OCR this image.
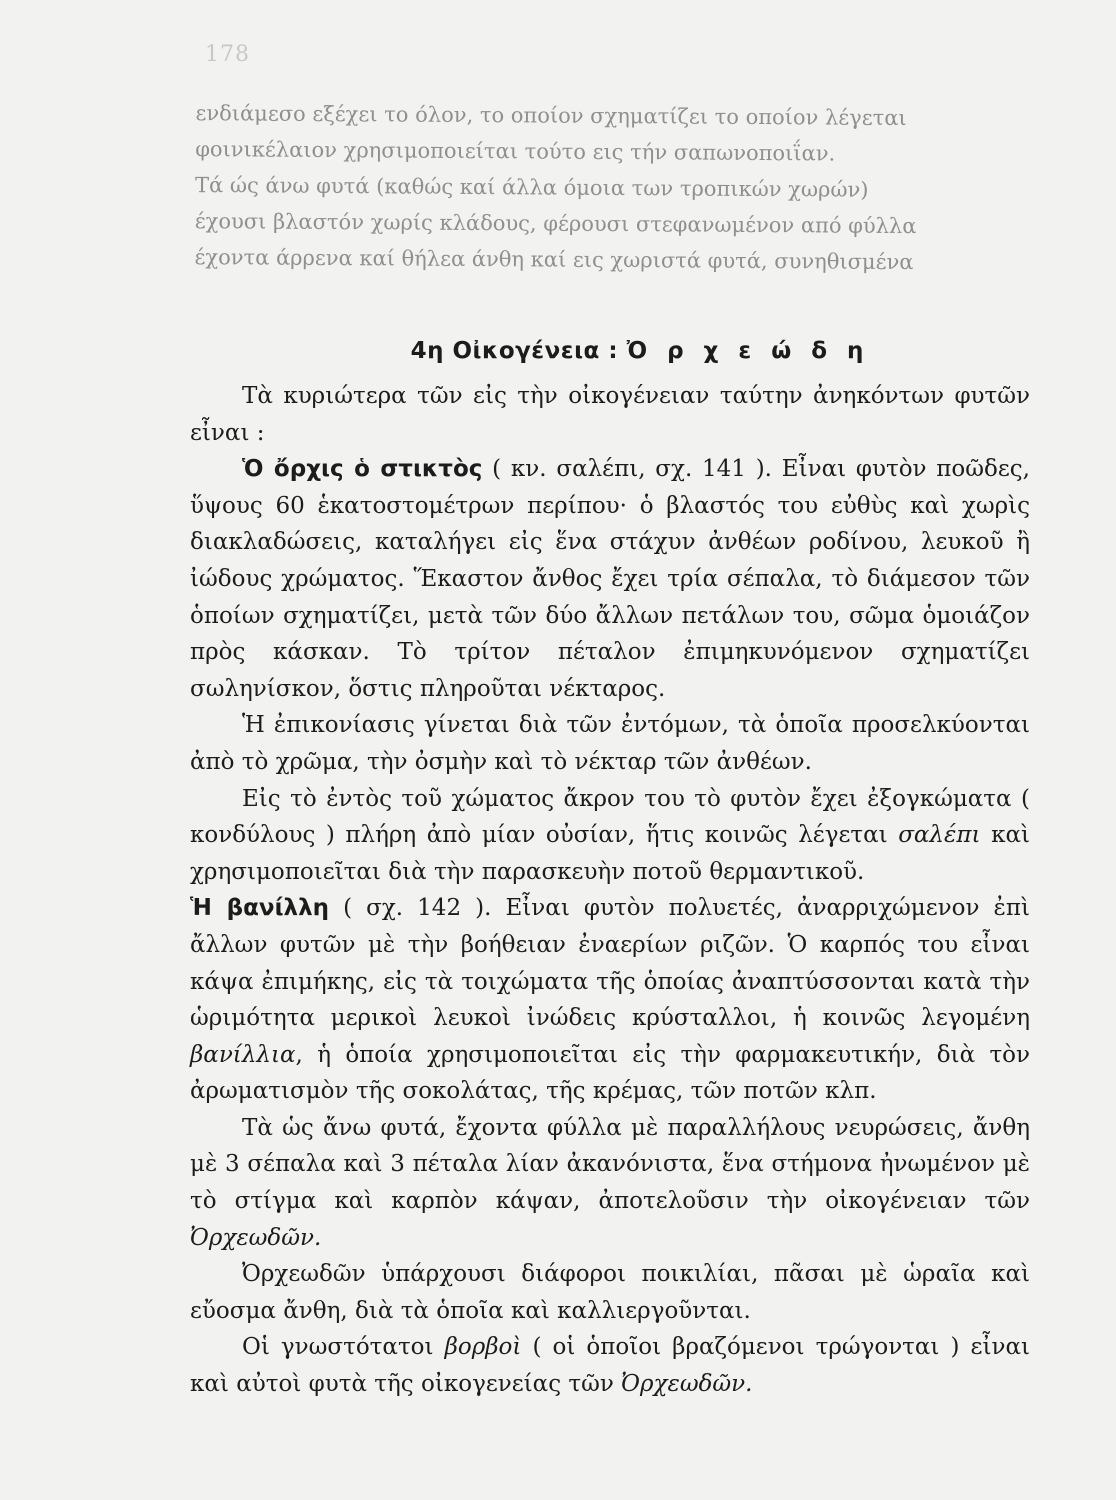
178
ενδιάμεσο εξέχει το όλον, το οποίον σχηματίζει το οποίον λέγεται
φοινικέλαιον χρησιμοποιείται τούτο εις τήν σαπωνοποιΐαν.
Τά ώς άνω φυτά (καθώς καί άλλα όμοια των τροπικών χωρών)
έχουσι βλαστόν χωρίς κλάδους, φέρουσι στεφανωμένον από φύλλα
έχοντα άρρενα καί θήλεα άνθη καί εις χωριστά φυτά, συνηθισμένα
4η Οἰκογένεια : Ὀ ρ χ ε ώ δ η

Τὰ κυριώτερα τῶν εἰς τὴν οἰκογένειαν ταύτην ἀνηκόντων φυτῶν εἶναι :

Ὁ ὄρχις ὁ στικτὸς ( κν. σαλέπι, σχ. 141 ). Εἶναι φυτὸν ποῶδες, ὕψους 60 ἑκατοστομέτρων περίπου· ὁ βλαστός του εὐθὺς καὶ χωρὶς διακλαδώσεις, καταλήγει εἰς ἕνα στάχυν ἀνθέων ροδίνου, λευκοῦ ἢ ἰώδους χρώματος. Ἕκαστον ἄνθος ἔχει τρία σέπαλα, τὸ διάμεσον τῶν ὁποίων σχηματίζει, μετὰ τῶν δύο ἄλλων πετάλων του, σῶμα ὁμοιάζον πρὸς κάσκαν. Τὸ τρίτον πέταλον ἐπιμηκυνόμενον σχηματίζει σωληνίσκον, ὅστις πληροῦται νέκταρος.

Ἡ ἐπικονίασις γίνεται διὰ τῶν ἐντόμων, τὰ ὁποῖα προσελκύονται ἀπὸ τὸ χρῶμα, τὴν ὀσμὴν καὶ τὸ νέκταρ τῶν ἀνθέων.

Εἰς τὸ ἐντὸς τοῦ χώματος ἄκρον του τὸ φυτὸν ἔχει ἐξογκώματα ( κονδύλους ) πλήρη ἀπὸ μίαν οὐσίαν, ἥτις κοινῶς λέγεται σαλέπι καὶ χρησιμοποιεῖται διὰ τὴν παρασκευὴν ποτοῦ θερμαντικοῦ.

Ἡ βανίλλη ( σχ. 142 ). Εἶναι φυτὸν πολυετές, ἀναρριχώμενον ἐπὶ ἄλλων φυτῶν μὲ τὴν βοήθειαν ἐναερίων ριζῶν. Ὁ καρπός του εἶναι κάψα ἐπιμήκης, εἰς τὰ τοιχώματα τῆς ὁποίας ἀναπτύσσονται κατὰ τὴν ὡριμότητα μερικοὶ λευκοὶ ἰνώδεις κρύσταλλοι, ἡ κοινῶς λεγομένη βανίλλια, ἡ ὁποία χρησιμοποιεῖται εἰς τὴν φαρμακευτικήν, διὰ τὸν ἀρωματισμὸν τῆς σοκολάτας, τῆς κρέμας, τῶν ποτῶν κλπ.

Τὰ ὡς ἄνω φυτά, ἔχοντα φύλλα μὲ παραλλήλους νευρώσεις, ἄνθη μὲ 3 σέπαλα καὶ 3 πέταλα λίαν ἀκανόνιστα, ἕνα στήμονα ἠνωμένον μὲ τὸ στίγμα καὶ καρπὸν κάψαν, ἀποτελοῦσιν τὴν οἰκογένειαν τῶν Ὀρχεωδῶν.

Ὀρχεωδῶν ὑπάρχουσι διάφοροι ποικιλίαι, πᾶσαι μὲ ὡραῖα καὶ εὔοσμα ἄνθη, διὰ τὰ ὁποῖα καὶ καλλιεργοῦνται.

Οἱ γνωστότατοι βορβοὶ ( οἱ ὁποῖοι βραζόμενοι τρώγονται ) εἶναι καὶ αὐτοὶ φυτὰ τῆς οἰκογενείας τῶν Ὀρχεωδῶν.
